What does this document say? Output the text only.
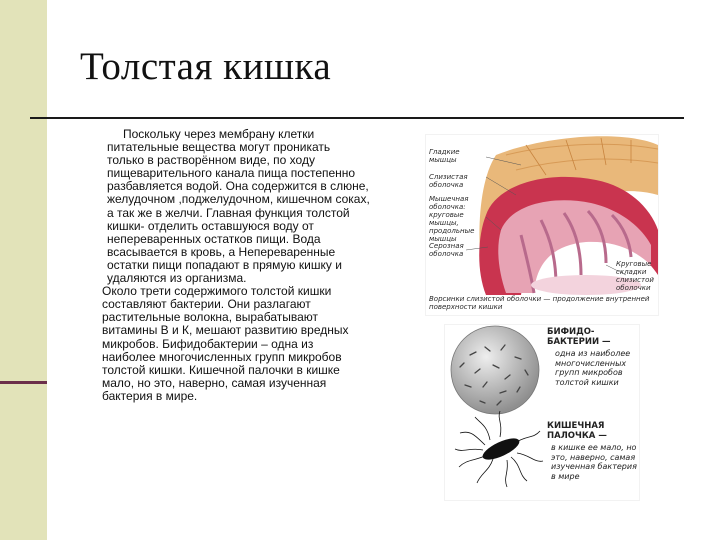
Толстая кишка

Поскольку через мембрану клетки питательные вещества могут проникать только в растворённом виде, по ходу пищеварительного канала пища постепенно разбавляется водой. Она содержится в слюне, желудочном ,поджелудочном, кишечном соках, а так же в желчи. Главная функция толстой кишки- отделить оставшуюся воду от непереваренных остатков пищи. Вода всасывается в кровь, а Непереваренные остатки пищи попадают в прямую кишку и удаляются из организма.

Около трети содержимого толстой кишки составляют бактерии. Они разлагают растительные волокна, вырабатывают витамины В и К, мешают развитию вредных микробов. Бифидобактерии – одна из наиболее многочисленных групп микробов толстой кишки. Кишечной палочки в кишке мало, но это, наверно, самая изученная бактерия в мире.

Гладкие мышцы
Слизистая оболочка
Мышечная оболочка: круговые мышцы, продольные мышцы
Серозная оболочка
Круговые складки слизистой оболочки
Ворсинки слизистой оболочки — продолжение внутренней поверхности кишки
БИФИДО- БАКТЕРИИ —
одна из наиболее многочисленных групп микробов толстой кишки
КИШЕЧНАЯ ПАЛОЧКА —
в кишке ее мало, но это, наверно, самая изученная бактерия в мире
